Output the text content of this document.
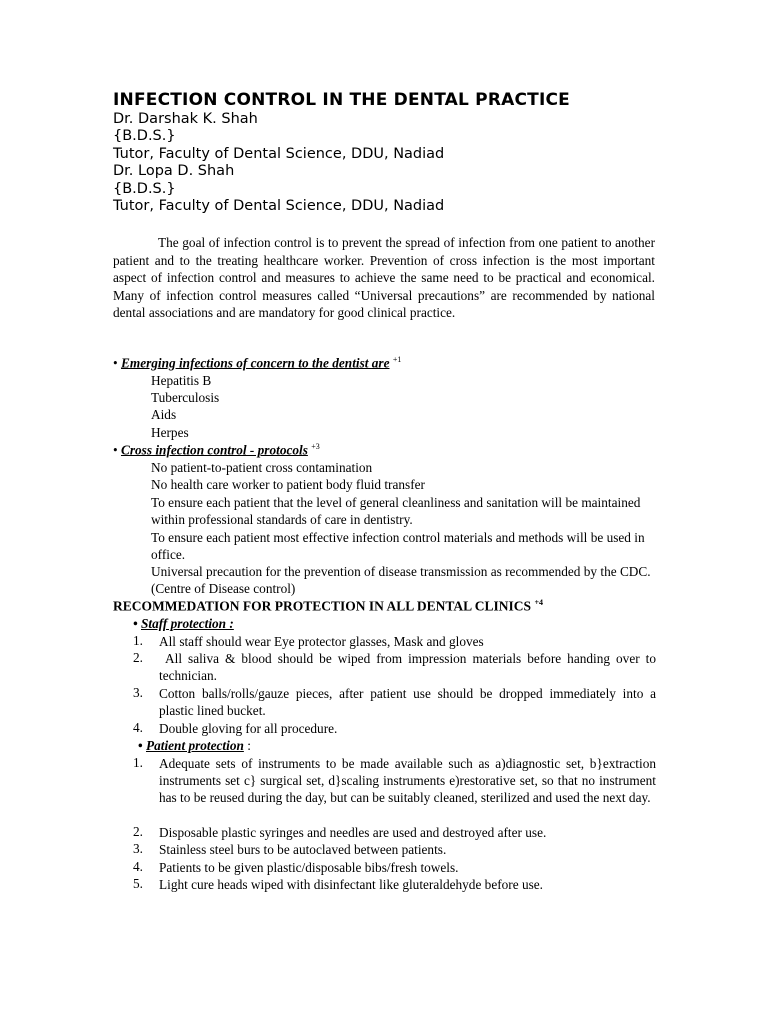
INFECTION CONTROL IN THE DENTAL PRACTICE
Dr. Darshak K. Shah
{B.D.S.}
Tutor, Faculty of Dental Science, DDU, Nadiad
Dr. Lopa D. Shah
{B.D.S.}
Tutor, Faculty of Dental Science, DDU, Nadiad
The goal of infection control is to prevent the spread of infection from one patient to another patient and to the treating healthcare worker. Prevention of cross infection is the most important aspect of infection control and measures to achieve the same need to be practical and economical. Many of infection control measures called “Universal precautions” are recommended by national dental associations and are mandatory for good clinical practice.
• Emerging infections of concern to the dentist are $^{+1}$
Hepatitis B
Tuberculosis
Aids
Herpes
• Cross infection control - protocols $^{+3}$
No patient-to-patient cross contamination
No health care worker to patient body fluid transfer
To ensure each patient that the level of general cleanliness and sanitation will be maintained within professional standards of care in dentistry.
To ensure each patient most effective infection control materials and methods will be used in office.
Universal precaution for the prevention of disease transmission as recommended by the CDC.(Centre of Disease control)
RECOMMEDATION FOR PROTECTION IN ALL DENTAL CLINICS $^{+4}$
• Staff protection :
1. All staff should wear Eye protector glasses, Mask and gloves
2. All saliva & blood should be wiped from impression materials before handing over to technician.
3. Cotton balls/rolls/gauze pieces, after patient use should be dropped immediately into a plastic lined bucket.
4. Double gloving for all procedure.
• Patient protection :
1. Adequate sets of instruments to be made available such as a)diagnostic set, b}extraction instruments set c} surgical set, d}scaling instruments e)restorative set, so that no instrument has to be reused during the day, but can be suitably cleaned, sterilized and used the next day.
2. Disposable plastic syringes and needles are used and destroyed after use.
3. Stainless steel burs to be autoclaved between patients.
4. Patients to be given plastic/disposable bibs/fresh towels.
5. Light cure heads wiped with disinfectant like gluteraldehyde before use.
